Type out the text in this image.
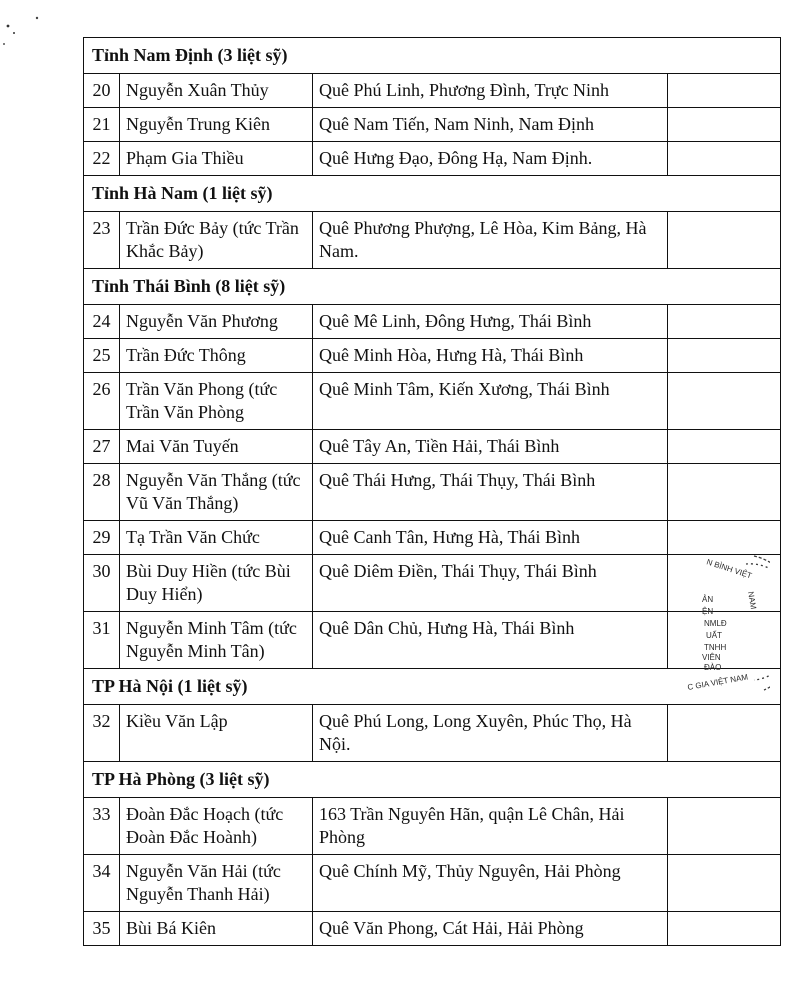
Tỉnh Nam Định (3 liệt sỹ)			
20	Nguyễn Xuân Thủy	Quê Phú Linh, Phương Đình, Trực Ninh	
21	Nguyễn Trung Kiên	Quê Nam Tiến, Nam Ninh, Nam Định	
22	Phạm Gia Thiều	Quê Hưng Đạo, Đông Hạ, Nam Định.	
Tỉnh Hà Nam (1 liệt sỹ)			
23	Trần Đức Bảy (tức Trần Khắc Bảy)	Quê Phương Phượng, Lê Hòa, Kim Bảng, Hà Nam.	
Tỉnh Thái Bình (8 liệt sỹ)			
24	Nguyễn Văn Phương	Quê Mê Linh, Đông Hưng, Thái Bình	
25	Trần Đức Thông	Quê Minh Hòa, Hưng Hà, Thái Bình	
26	Trần Văn Phong (tức Trần Văn Phòng	Quê Minh Tâm, Kiến Xương, Thái Bình	
27	Mai Văn Tuyến	Quê Tây An, Tiền Hải, Thái Bình	
28	Nguyễn Văn Thắng (tức Vũ Văn Thắng)	Quê Thái Hưng, Thái Thụy, Thái Bình	
29	Tạ Trần Văn Chức	Quê Canh Tân, Hưng Hà, Thái Bình	
30	Bùi Duy Hiền (tức Bùi Duy Hiển)	Quê Diêm Điền, Thái Thụy, Thái Bình	
31	Nguyễn Minh Tâm (tức Nguyễn Minh Tân)	Quê Dân Chủ, Hưng Hà, Thái Bình	
TP Hà Nội (1 liệt sỹ)			
32	Kiều Văn Lập	Quê Phú Long, Long Xuyên, Phúc Thọ, Hà Nội.	
TP Hà Phòng (3 liệt sỹ)			
33	Đoàn Đắc Hoạch (tức Đoàn Đắc Hoành)	163 Trần Nguyên Hãn, quận Lê Chân, Hải Phòng	
34	Nguyễn Văn Hải (tức Nguyễn Thanh Hải)	Quê Chính Mỹ, Thủy Nguyên, Hải Phòng	
35	Bùi Bá Kiên	Quê Văn Phong, Cát Hải, Hải Phòng	
N BÌNH VIỆT
NAM
ẢN
ỆN
NMLĐ
UẤT
TNHH
VIÊN
ĐÀO
C GIA VIỆT NAM
